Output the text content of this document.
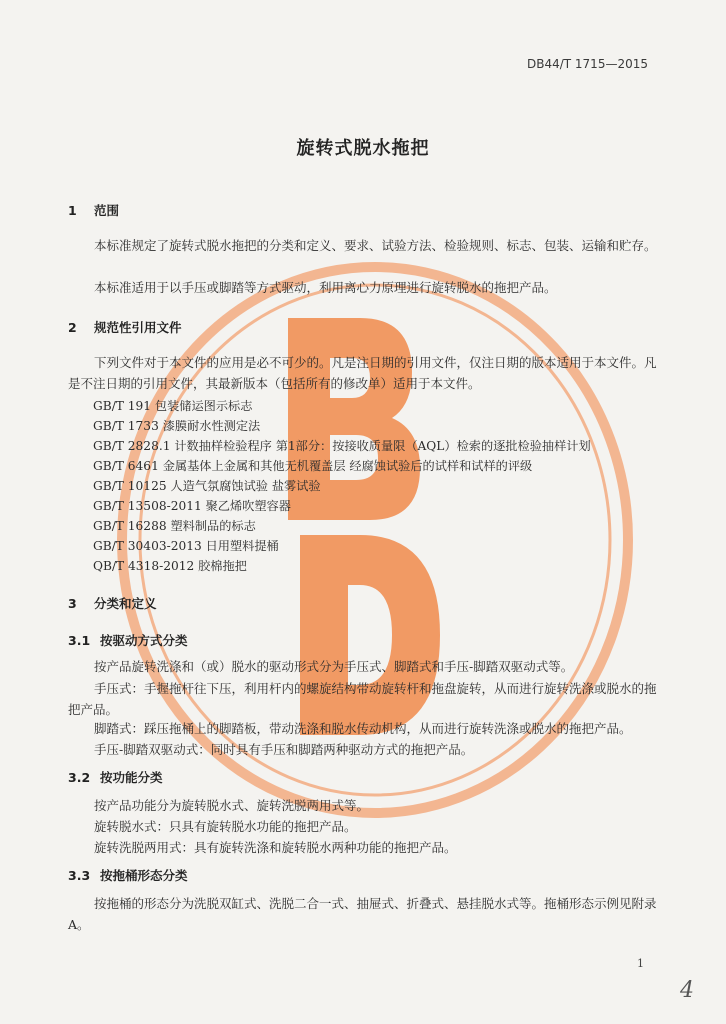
DB44/T 1715—2015
旋转式脱水拖把
1 范围
本标准规定了旋转式脱水拖把的分类和定义、要求、试验方法、检验规则、标志、包装、运输和贮存。
本标准适用于以手压或脚踏等方式驱动，利用离心力原理进行旋转脱水的拖把产品。
2 规范性引用文件
下列文件对于本文件的应用是必不可少的。凡是注日期的引用文件，仅注日期的版本适用于本文件。凡是不注日期的引用文件，其最新版本（包括所有的修改单）适用于本文件。
GB/T 191 包装储运图示标志
GB/T 1733 漆膜耐水性测定法
GB/T 2828.1 计数抽样检验程序 第1部分：按接收质量限（AQL）检索的逐批检验抽样计划
GB/T 6461 金属基体上金属和其他无机覆盖层 经腐蚀试验后的试样和试样的评级
GB/T 10125 人造气氛腐蚀试验 盐雾试验
GB/T 13508-2011 聚乙烯吹塑容器
GB/T 16288 塑料制品的标志
GB/T 30403-2013 日用塑料提桶
QB/T 4318-2012 胶棉拖把
3 分类和定义
3.1 按驱动方式分类
按产品旋转洗涤和（或）脱水的驱动形式分为手压式、脚踏式和手压-脚踏双驱动式等。
手压式：手握拖杆往下压，利用杆内的螺旋结构带动旋转杆和拖盘旋转，从而进行旋转洗涤或脱水的拖把产品。
脚踏式：踩压拖桶上的脚踏板，带动洗涤和脱水传动机构，从而进行旋转洗涤或脱水的拖把产品。
手压-脚踏双驱动式：同时具有手压和脚踏两种驱动方式的拖把产品。
3.2 按功能分类
按产品功能分为旋转脱水式、旋转洗脱两用式等。
旋转脱水式：只具有旋转脱水功能的拖把产品。
旋转洗脱两用式：具有旋转洗涤和旋转脱水两种功能的拖把产品。
3.3 按拖桶形态分类
按拖桶的形态分为洗脱双缸式、洗脱二合一式、抽屉式、折叠式、悬挂脱水式等。拖桶形态示例见附录A。
1
4
